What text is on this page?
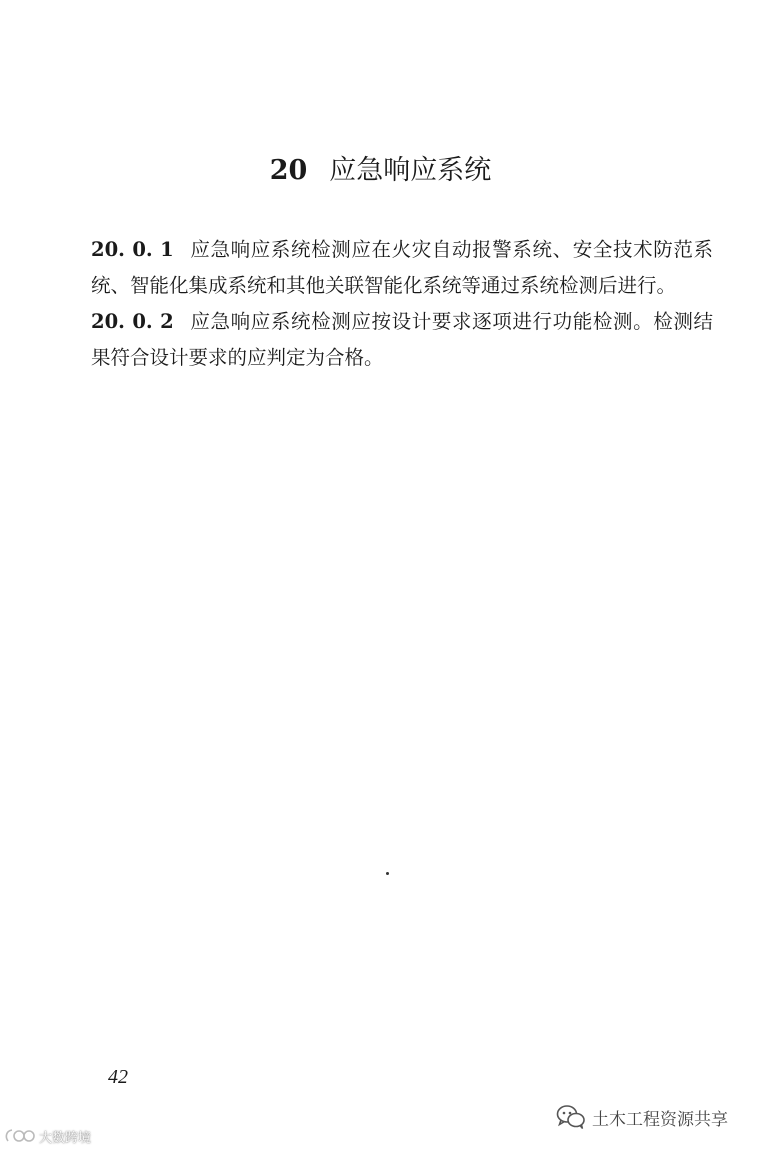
20 应急响应系统

20. 0. 1 应急响应系统检测应在火灾自动报警系统、安全技术防范系统、智能化集成系统和其他关联智能化系统等通过系统检测后进行。

20. 0. 2 应急响应系统检测应按设计要求逐项进行功能检测。检测结果符合设计要求的应判定为合格。

42
土木工程资源共享
大数跨境
